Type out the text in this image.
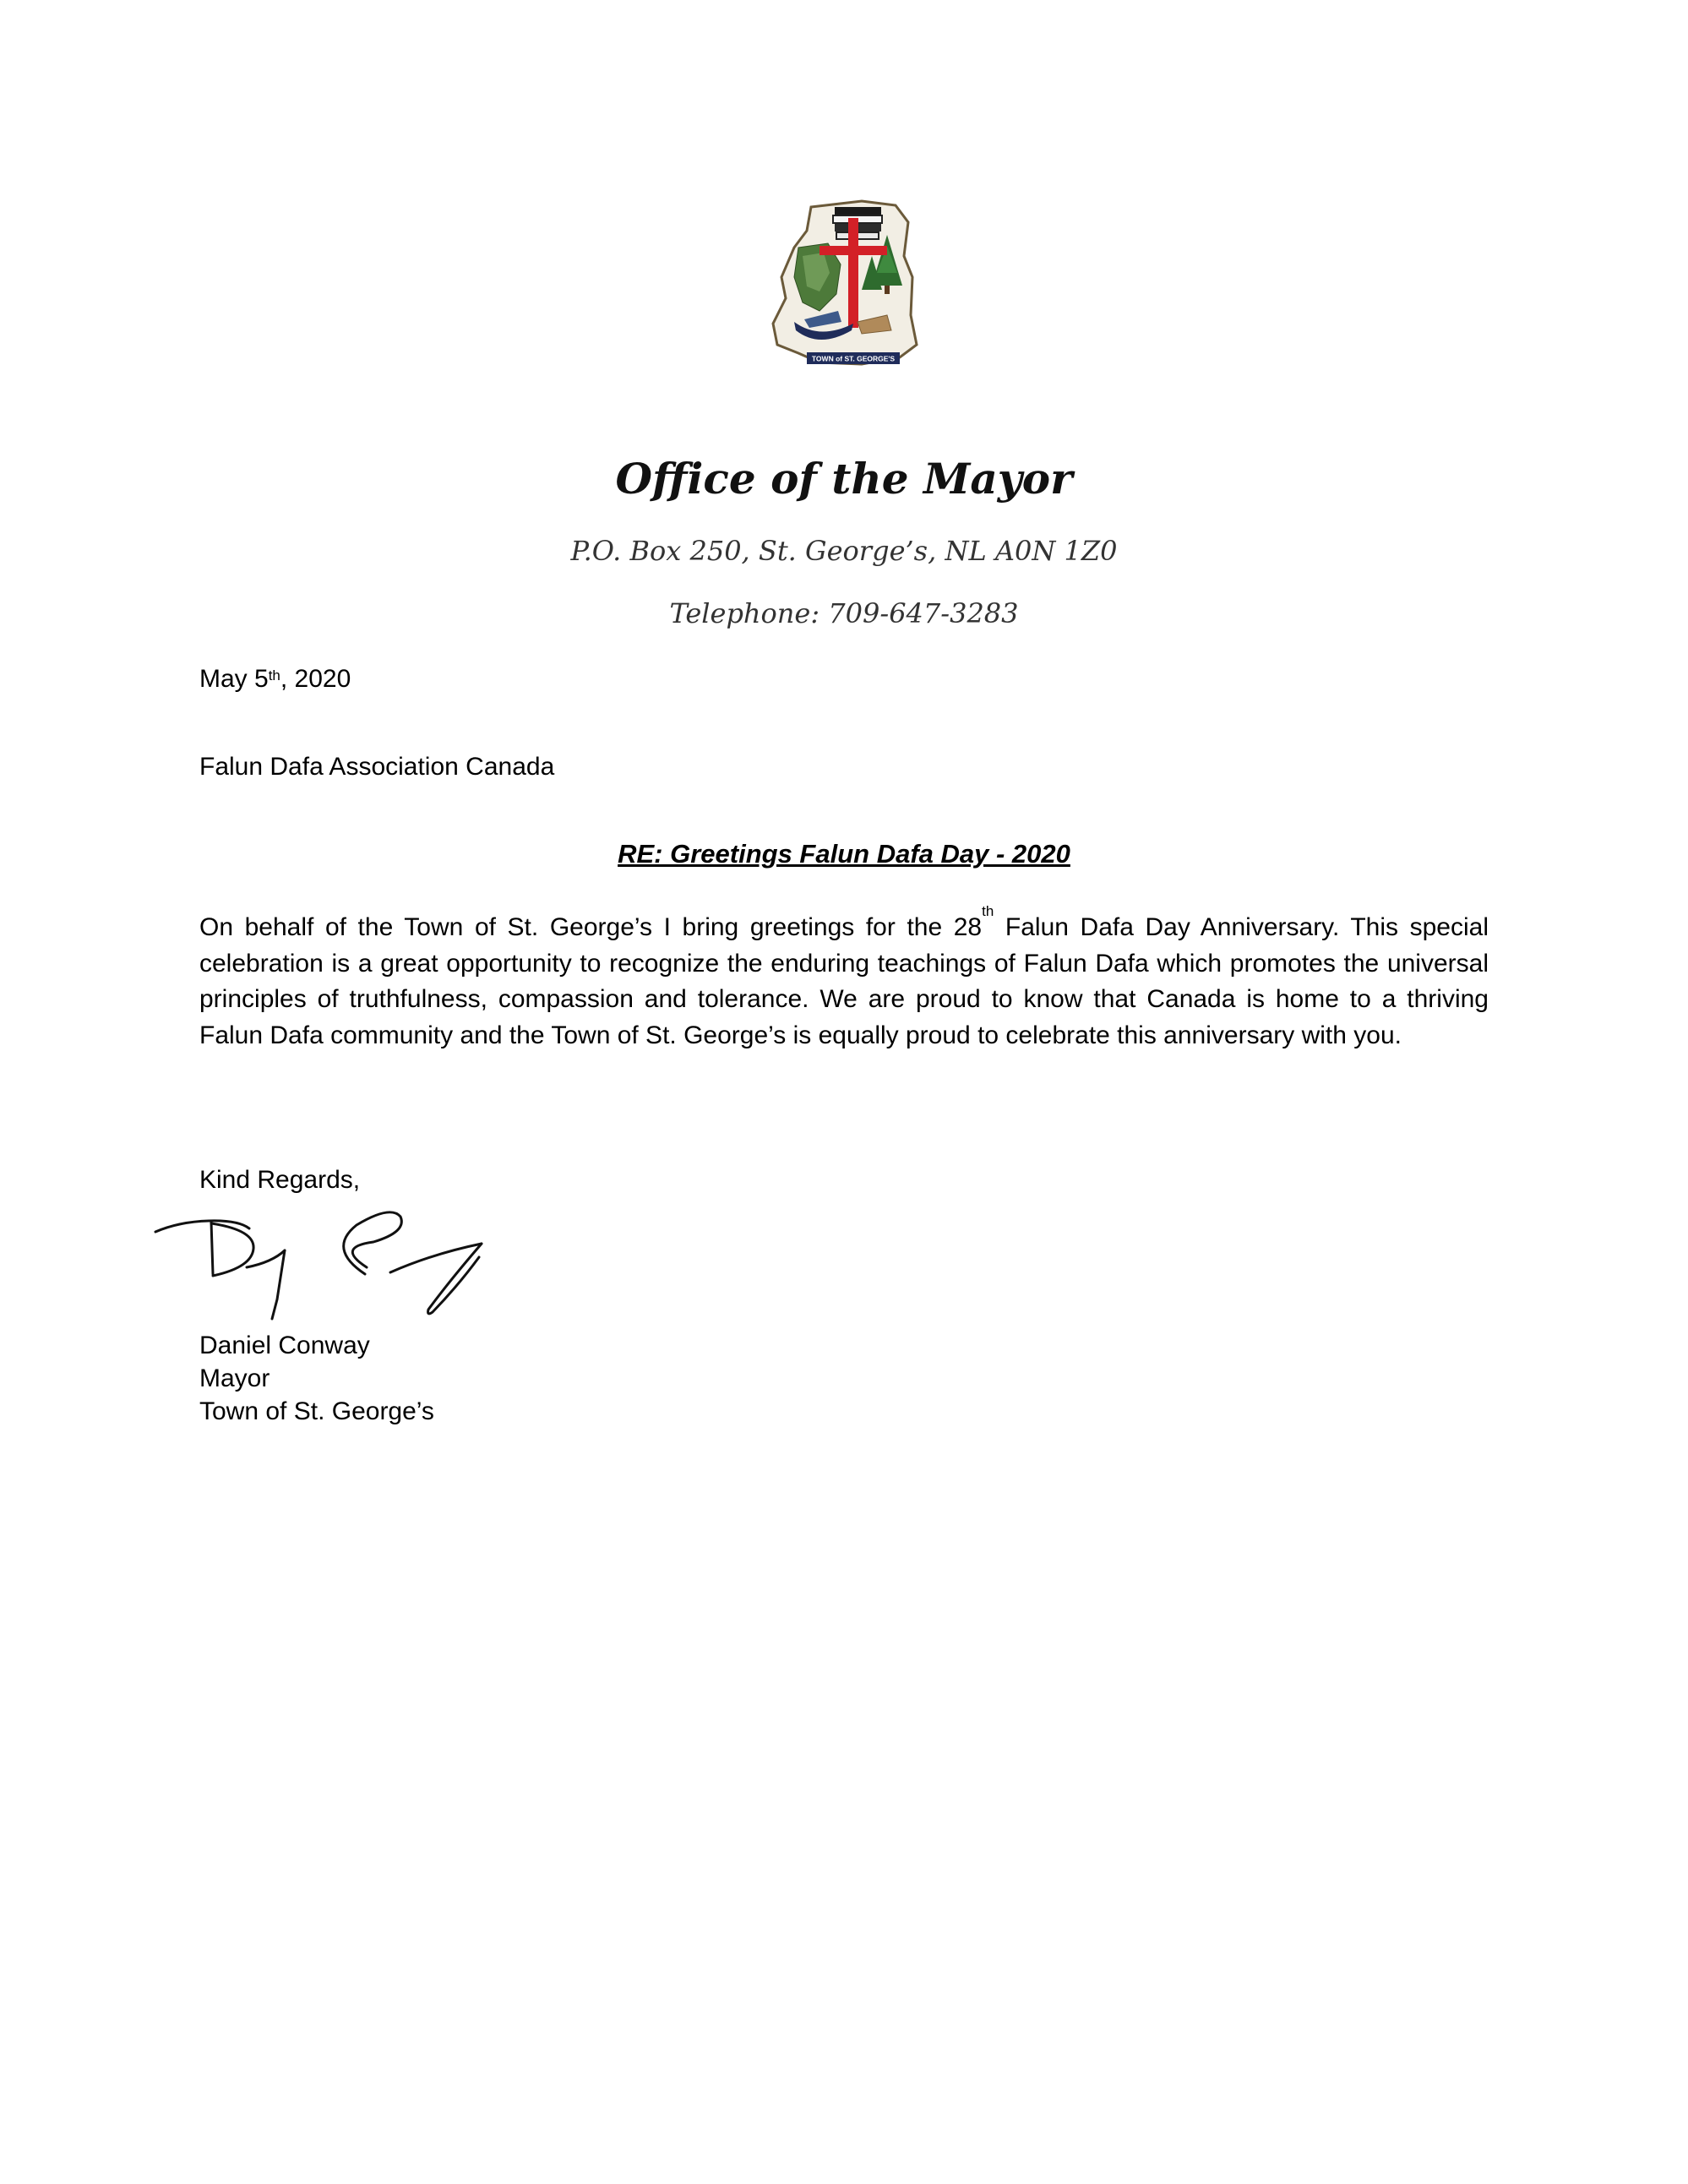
TOWN of ST. GEORGE'S
Office of the Mayor
P.O. Box 250, St. George’s, NL A0N 1Z0
Telephone: 709-647-3283
May 5th, 2020
Falun Dafa Association Canada
RE: Greetings Falun Dafa Day - 2020

On behalf of the Town of St. George’s I bring greetings for the 28th Falun Dafa Day Anniversary. This special celebration is a great opportunity to recognize the enduring teachings of Falun Dafa which promotes the universal principles of truthfulness, compassion and tolerance. We are proud to know that Canada is home to a thriving Falun Dafa community and the Town of St. George’s is equally proud to celebrate this anniversary with you.

Kind Regards,
Daniel Conway
Mayor
Town of St. George’s
